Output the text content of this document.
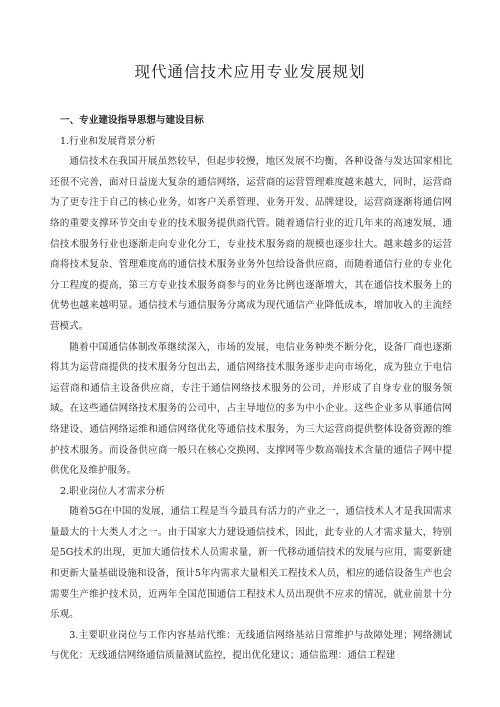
现代通信技术应用专业发展规划

一、专业建设指导思想与建设目标

1.行业和发展背景分析

通信技术在我国开展虽然较早，但起步较慢，地区发展不均衡，各种设备与发达国家相比还很不完善，面对日益庞大复杂的通信网络，运营商的运营管理难度越来越大，同时，运营商为了更专注于自己的核心业务，如客户关系管理、业务开发、品牌建设，运营商逐渐将通信网络的重要支撑环节交由专业的技术服务提供商代管。随着通信行业的近几年来的高速发展，通信技术服务行业也逐渐走向专业化分工，专业技术服务商的规模也逐步壮大。越来越多的运营商将技术复杂、管理难度高的通信技术服务业务外包给设备供应商，而随着通信行业的专业化分工程度的提高，第三方专业技术服务商参与的业务比例也逐渐增大，其在通信技术服务上的优势也越来越明显。通信技术与通信服务分离成为现代通信产业降低成本，增加收入的主流经营模式。

随着中国通信体制改革继续深入，市场的发展，电信业务种类不断分化，设备厂商也逐渐将其为运营商提供的技术服务分包出去，通信网络技术服务逐步走向市场化，成为独立于电信运营商和通信主设备供应商，专注于通信网络技术服务的公司，并形成了自身专业的服务领域。在这些通信网络技术服务的公司中，占主导地位的多为中小企业。这些企业多从事通信网络建设、通信网络运维和通信网络优化等通信技术服务，为三大运营商提供整体设备资源的维护技术服务。而设备供应商一般只在核心交换网、支撑网等少数高端技术含量的通信子网中提供优化及维护服务。

2.职业岗位人才需求分析

随着5G在中国的发展，通信工程是当今最具有活力的产业之一，通信技术人才是我国需求量最大的十大类人才之一。由于国家大力建设通信技术，因此，此专业的人才需求量大，特别是5G技术的出现，更加大通信技术人员需求量，新一代移动通信技术的发展与应用，需要新建和更新大量基础设施和设备，预计5年内需求大量相关工程技术人员，相应的通信设备生产也会需要生产维护技术员，近两年全国范围通信工程技术人员出现供不应求的情况，就业前景十分乐观。

3.主要职业岗位与工作内容基站代维：无线通信网络基站日常维护与故障处理；网络测试与优化：无线通信网络通信质量测试监控，提出优化建议；通信监理：通信工程建
